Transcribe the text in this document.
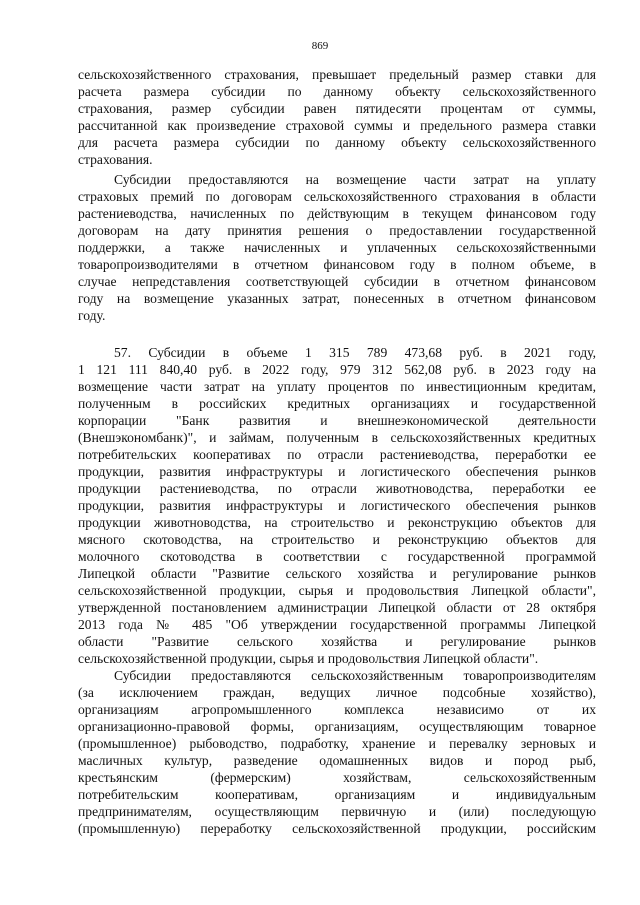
869
сельскохозяйственного страхования, превышает предельный размер ставки для
расчета размера субсидии по данному объекту сельскохозяйственного
страхования, размер субсидии равен пятидесяти процентам от суммы,
рассчитанной как произведение страховой суммы и предельного размера ставки
для расчета размера субсидии по данному объекту сельскохозяйственного
страхования.
Субсидии предоставляются на возмещение части затрат на уплату
страховых премий по договорам сельскохозяйственного страхования в области
растениеводства, начисленных по действующим в текущем финансовом году
договорам на дату принятия решения о предоставлении государственной
поддержки, а также начисленных и уплаченных сельскохозяйственными
товаропроизводителями в отчетном финансовом году в полном объеме, в
случае непредставления соответствующей субсидии в отчетном финансовом
году на возмещение указанных затрат, понесенных в отчетном финансовом
году.
57. Субсидии в объеме 1 315 789 473,68 руб. в 2021 году,
1 121 111 840,40 руб. в 2022 году, 979 312 562,08 руб. в 2023 году на
возмещение части затрат на уплату процентов по инвестиционным кредитам,
полученным в российских кредитных организациях и государственной
корпорации "Банк развития и внешнеэкономической деятельности
(Внешэкономбанк)", и займам, полученным в сельскохозяйственных кредитных
потребительских кооперативах по отрасли растениеводства, переработки ее
продукции, развития инфраструктуры и логистического обеспечения рынков
продукции растениеводства, по отрасли животноводства, переработки ее
продукции, развития инфраструктуры и логистического обеспечения рынков
продукции животноводства, на строительство и реконструкцию объектов для
мясного скотоводства, на строительство и реконструкцию объектов для
молочного скотоводства в соответствии с государственной программой
Липецкой области "Развитие сельского хозяйства и регулирование рынков
сельскохозяйственной продукции, сырья и продовольствия Липецкой области",
утвержденной постановлением администрации Липецкой области от 28 октября
2013 года № 485 "Об утверждении государственной программы Липецкой
области "Развитие сельского хозяйства и регулирование рынков
сельскохозяйственной продукции, сырья и продовольствия Липецкой области".
Субсидии предоставляются сельскохозяйственным товаропроизводителям
(за исключением граждан, ведущих личное подсобные хозяйство),
организациям агропромышленного комплекса независимо от их
организационно-правовой формы, организациям, осуществляющим товарное
(промышленное) рыбоводство, подработку, хранение и перевалку зерновых и
масличных культур, разведение одомашненных видов и пород рыб,
крестьянским (фермерским) хозяйствам, сельскохозяйственным
потребительским кооперативам, организациям и индивидуальным
предпринимателям, осуществляющим первичную и (или) последующую
(промышленную) переработку сельскохозяйственной продукции, российским
